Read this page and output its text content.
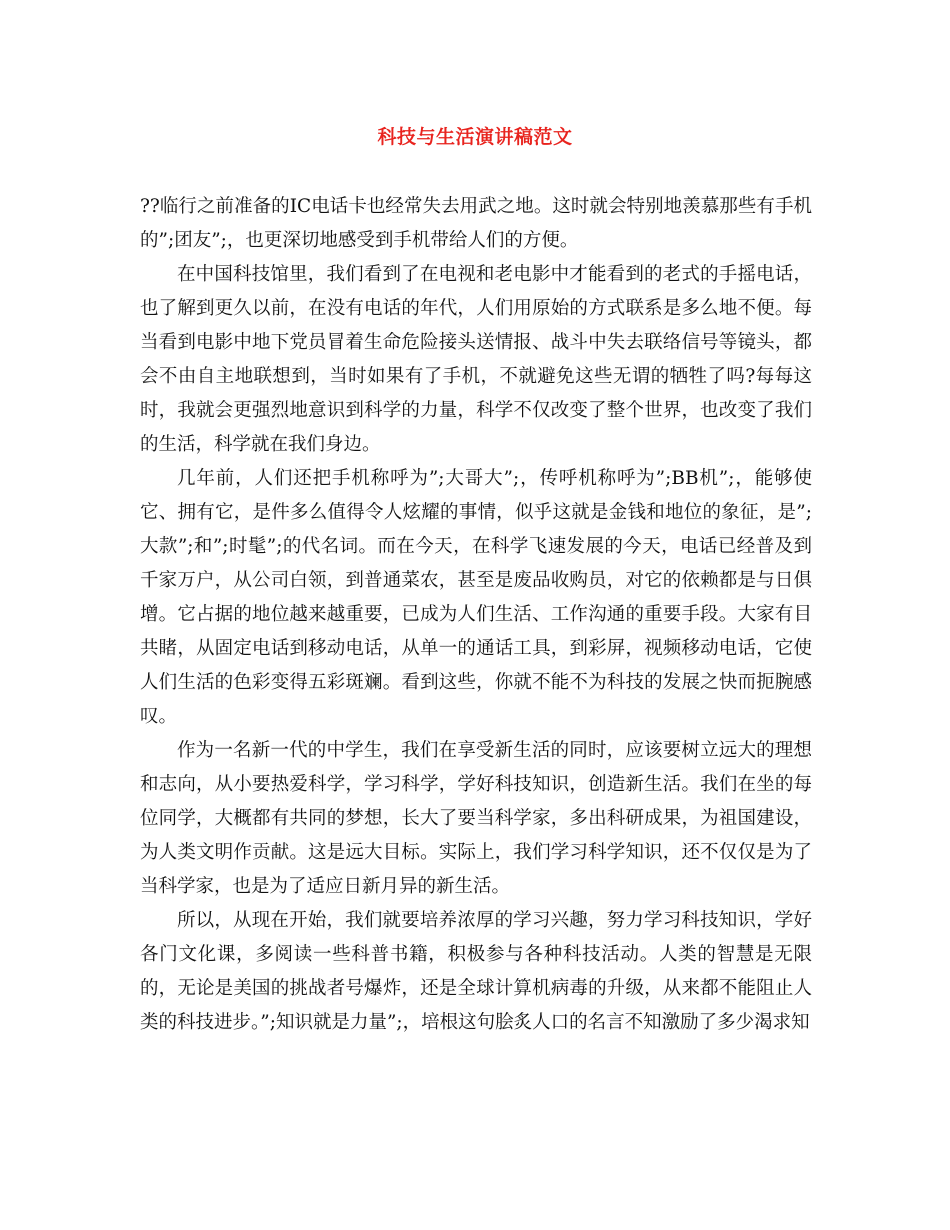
科技与生活演讲稿范文

??临行之前准备的IC电话卡也经常失去用武之地。这时就会特别地羡慕那些有手机的”;团友”;，也更深切地感受到手机带给人们的方便。

在中国科技馆里，我们看到了在电视和老电影中才能看到的老式的手摇电话，也了解到更久以前，在没有电话的年代，人们用原始的方式联系是多么地不便。每当看到电影中地下党员冒着生命危险接头送情报、战斗中失去联络信号等镜头，都会不由自主地联想到，当时如果有了手机，不就避免这些无谓的牺牲了吗?每每这时，我就会更强烈地意识到科学的力量，科学不仅改变了整个世界，也改变了我们的生活，科学就在我们身边。

几年前，人们还把手机称呼为”;大哥大”;，传呼机称呼为”;BB机”;，能够使它、拥有它，是件多么值得令人炫耀的事情，似乎这就是金钱和地位的象征，是”;大款”;和”;时髦”;的代名词。而在今天，在科学飞速发展的今天，电话已经普及到千家万户，从公司白领，到普通菜农，甚至是废品收购员，对它的依赖都是与日俱增。它占据的地位越来越重要，已成为人们生活、工作沟通的重要手段。大家有目共睹，从固定电话到移动电话，从单一的通话工具，到彩屏，视频移动电话，它使人们生活的色彩变得五彩斑斓。看到这些，你就不能不为科技的发展之快而扼腕感叹。

作为一名新一代的中学生，我们在享受新生活的同时，应该要树立远大的理想和志向，从小要热爱科学，学习科学，学好科技知识，创造新生活。我们在坐的每位同学，大概都有共同的梦想，长大了要当科学家，多出科研成果，为祖国建设，为人类文明作贡献。这是远大目标。实际上，我们学习科学知识，还不仅仅是为了当科学家，也是为了适应日新月异的新生活。

所以，从现在开始，我们就要培养浓厚的学习兴趣，努力学习科技知识，学好各门文化课，多阅读一些科普书籍，积极参与各种科技活动。人类的智慧是无限的，无论是美国的挑战者号爆炸，还是全球计算机病毒的升级，从来都不能阻止人类的科技进步。”;知识就是力量”;，培根这句脍炙人口的名言不知激励了多少渴求知
